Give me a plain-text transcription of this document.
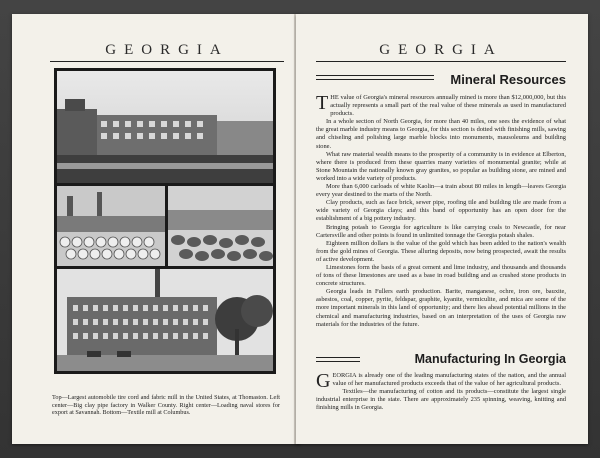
GEORGIA
Top—Largest automobile tire cord and fabric mill in the United States, at Thomaston. Left center—Big clay pipe factory in Walker County. Right center—Loading naval stores for export at Savannah. Bottom—Textile mill at Columbus.
GEORGIA
Mineral Resources

THE value of Georgia's mineral resources annually mined is more than $12,000,000, but this actually represents a small part of the real value of these minerals as used in manufactured products.

In a whole section of North Georgia, for more than 40 miles, one sees the evidence of what the great marble industry means to Georgia, for this section is dotted with finishing mills, sawing and chiseling and polishing large marble blocks into monuments, mausoleums and building stone.

What raw material wealth means to the prosperity of a community is in evidence at Elberton, where there is produced from these quarries many varieties of monumental granite; while at Stone Mountain the nationally known gray granites, so popular as building stone, are mined and worked into a wide variety of products.

More than 6,000 carloads of white Kaolin—a train about 80 miles in length—leaves Georgia every year destined to the marts of the North.

Clay products, such as face brick, sewer pipe, roofing tile and building tile are made from a wide variety of Georgia clays; and this band of opportunity has an open door for the establishment of a big pottery industry.

Bringing potash to Georgia for agriculture is like carrying coals to Newcastle, for near Cartersville and other points is found in unlimited tonnage the Georgia potash shales.

Eighteen million dollars is the value of the gold which has been added to the nation's wealth from the gold mines of Georgia. These alluring deposits, now being prospected, await the results of active development.

Limestones form the basis of a great cement and lime industry, and thousands and thousands of tons of these limestones are used as a base in road building and as crushed stone products in concrete structures.

Georgia leads in Fullers earth production. Barite, manganese, ochre, iron ore, bauxite, asbestos, coal, copper, pyrite, feldspar, graphite, kyanite, vermiculite, and mica are some of the more important minerals in this land of opportunity; and there lies ahead potential millions in the chemical and manufacturing industries, based on an interpretation of the uses of Georgia raw materials for the industries of the future.

Manufacturing In Georgia

GEORGIA is already one of the leading manufacturing states of the nation, and the annual value of her manufactured products exceeds that of the value of her agricultural products.

Textiles—the manufacturing of cotton and its products—constitute the largest single industrial enterprise in the state. There are approximately 235 spinning, weaving, knitting and finishing mills in Georgia.
